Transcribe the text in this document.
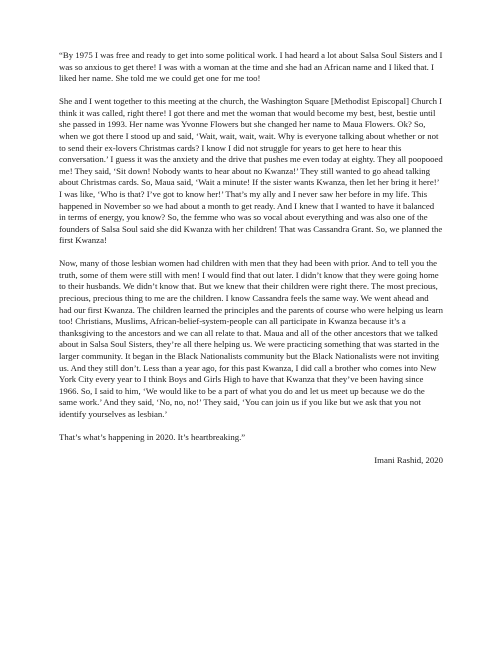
“By 1975 I was free and ready to get into some political work. I had heard a lot about Salsa Soul Sisters and I was so anxious to get there! I was with a woman at the time and she had an African name and I liked that. I liked her name. She told me we could get one for me too!

She and I went together to this meeting at the church, the Washington Square [Methodist Episcopal] Church I think it was called, right there! I got there and met the woman that would become my best, best, bestie until she passed in 1993. Her name was Yvonne Flowers but she changed her name to Maua Flowers. Ok? So, when we got there I stood up and said, ‘Wait, wait, wait, wait. Why is everyone talking about whether or not to send their ex-lovers Christmas cards? I know I did not struggle for years to get here to hear this conversation.’ I guess it was the anxiety and the drive that pushes me even today at eighty. They all poopooed me! They said, ‘Sit down! Nobody wants to hear about no Kwanza!’ They still wanted to go ahead talking about Christmas cards. So, Maua said, ‘Wait a minute! If the sister wants Kwanza, then let her bring it here!’ I was like, ‘Who is that? I’ve got to know her!’ That’s my ally and I never saw her before in my life. This happened in November so we had about a month to get ready. And I knew that I wanted to have it balanced in terms of energy, you know? So, the femme who was so vocal about everything and was also one of the founders of Salsa Soul said she did Kwanza with her children! That was Cassandra Grant. So, we planned the first Kwanza!

Now, many of those lesbian women had children with men that they had been with prior. And to tell you the truth, some of them were still with men! I would find that out later. I didn’t know that they were going home to their husbands. We didn’t know that. But we knew that their children were right there. The most precious, precious, precious thing to me are the children. I know Cassandra feels the same way. We went ahead and had our first Kwanza. The children learned the principles and the parents of course who were helping us learn too! Christians, Muslims, African-belief-system-people can all participate in Kwanza because it’s a thanksgiving to the ancestors and we can all relate to that. Maua and all of the other ancestors that we talked about in Salsa Soul Sisters, they’re all there helping us. We were practicing something that was started in the larger community. It began in the Black Nationalists community but the Black Nationalists were not inviting us. And they still don’t. Less than a year ago, for this past Kwanza, I did call a brother who comes into New York City every year to I think Boys and Girls High to have that Kwanza that they’ve been having since 1966. So, I said to him, ‘We would like to be a part of what you do and let us meet up because we do the same work.’ And they said, ‘No, no, no!’ They said, ‘You can join us if you like but we ask that you not identify yourselves as lesbian.’

That’s what’s happening in 2020. It’s heartbreaking.”

Imani Rashid, 2020
